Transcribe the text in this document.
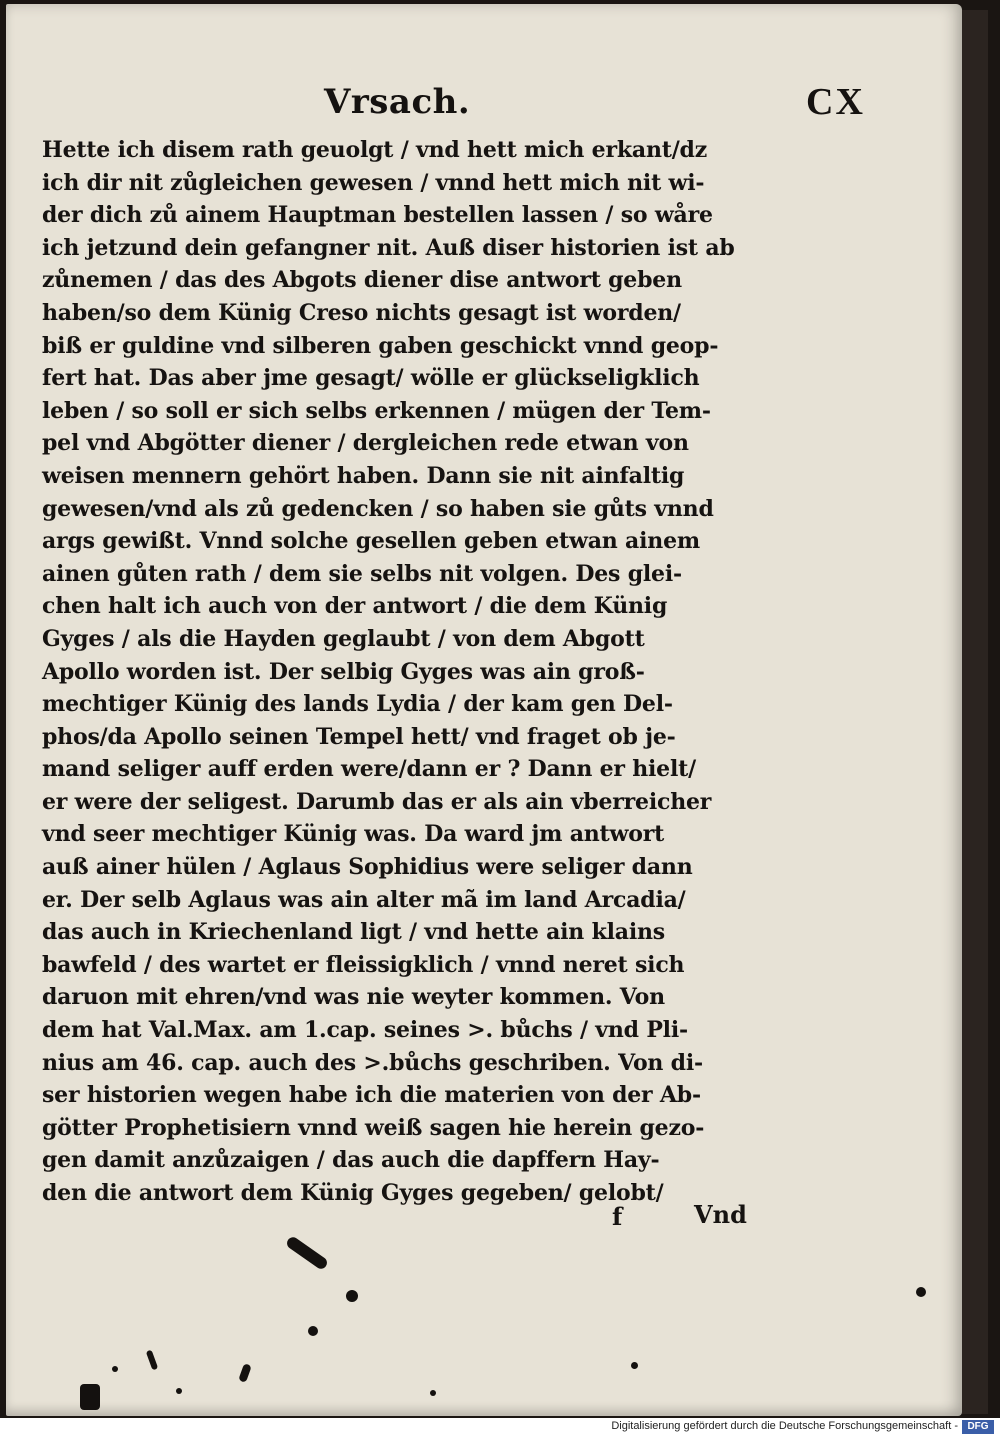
Vrsach.	CX
Hette ich disem rath geuolgt / vnd hett mich erkant/dz
ich dir nit zůgleichen gewesen / vnnd hett mich nit wi-
der dich zů ainem Hauptman bestellen lassen / so wåre
ich jetzund dein gefangner nit. Auß diser historien ist ab
zůnemen / das des Abgots diener dise antwort geben
haben/so dem Künig Creso nichts gesagt ist worden/
biß er guldine vnd silberen gaben geschickt vnnd geop-
fert hat. Das aber jme gesagt/ wölle er glückseligklich
leben / so soll er sich selbs erkennen / mügen der Tem-
pel vnd Abgötter diener / dergleichen rede etwan von
weisen mennern gehört haben. Dann sie nit ainfaltig
gewesen/vnd als zů gedencken / so haben sie gůts vnnd
args gewißt. Vnnd solche gesellen geben etwan ainem
ainen gůten rath / dem sie selbs nit volgen. Des glei-
chen halt ich auch von der antwort / die dem Künig
Gyges / als die Hayden geglaubt / von dem Abgott
Apollo worden ist. Der selbig Gyges was ain groß-
mechtiger Künig des lands Lydia / der kam gen Del-
phos/da Apollo seinen Tempel hett/ vnd fraget ob je-
mand seliger auff erden were/dann er ? Dann er hielt/
er were der seligest. Darumb das er als ain vberreicher
vnd seer mechtiger Künig was. Da ward jm antwort
auß ainer hülen / Aglaus Sophidius were seliger dann
er. Der selb Aglaus was ain alter mã im land Arcadia/
das auch in Kriechenland ligt / vnd hette ain klains
bawfeld / des wartet er fleissigklich / vnnd neret sich
daruon mit ehren/vnd was nie weyter kommen. Von
dem hat Val.Max. am 1.cap. seines >. bůchs / vnd Pli-
nius am 46. cap. auch des >.bůchs geschriben. Von di-
ser historien wegen habe ich die materien von der Ab-
götter Prophetisiern vnnd weiß sagen hie herein gezo-
gen damit anzůzaigen / das auch die dapffern Hay-
den die antwort dem Künig Gyges gegeben/ gelobt/
f	Vnd
Digitalisierung gefördert durch die Deutsche Forschungsgemeinschaft - DFG
